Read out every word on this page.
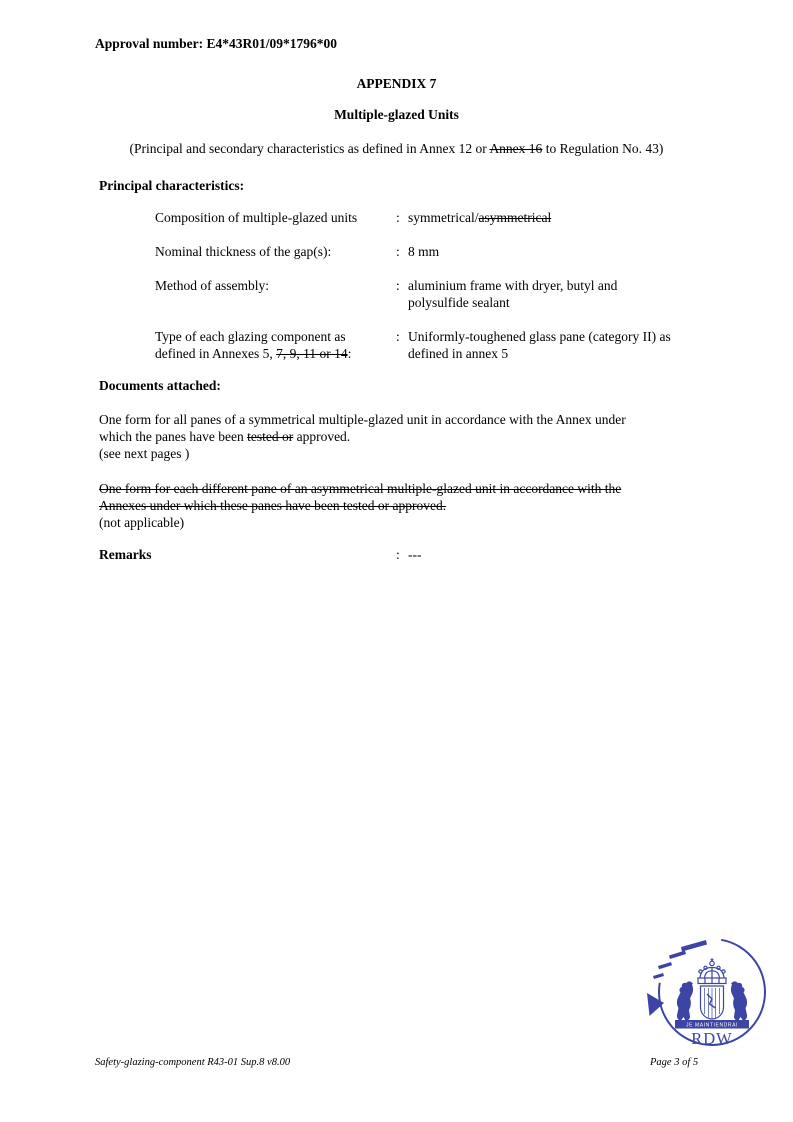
Approval number: E4*43R01/09*1796*00
APPENDIX 7
Multiple-glazed Units
(Principal and secondary characteristics as defined in Annex 12 or Annex 16 to Regulation No. 43)
Principal characteristics:
Composition of multiple-glazed units	: symmetrical/asymmetrical
Nominal thickness of the gap(s):	: 8 mm
Method of assembly:	: aluminium frame with dryer, butyl and
polysulfide sealant
Type of each glazing component as
defined in Annexes 5, 7, 9, 11 or 14:
: Uniformly-toughened glass pane (category II) as
defined in annex 5
Documents attached:
One form for all panes of a symmetrical multiple-glazed unit in accordance with the Annex under
which the panes have been tested or approved.
(see next pages )
One form for each different pane of an asymmetrical multiple-glazed unit in accordance with the
Annexes under which these panes have been tested or approved.
(not applicable)
Remarks	: ---
JE MAINTIENDRAI
RDW
Safety-glazing-component R43-01 Sup.8 v8.00	Page 3 of 5
